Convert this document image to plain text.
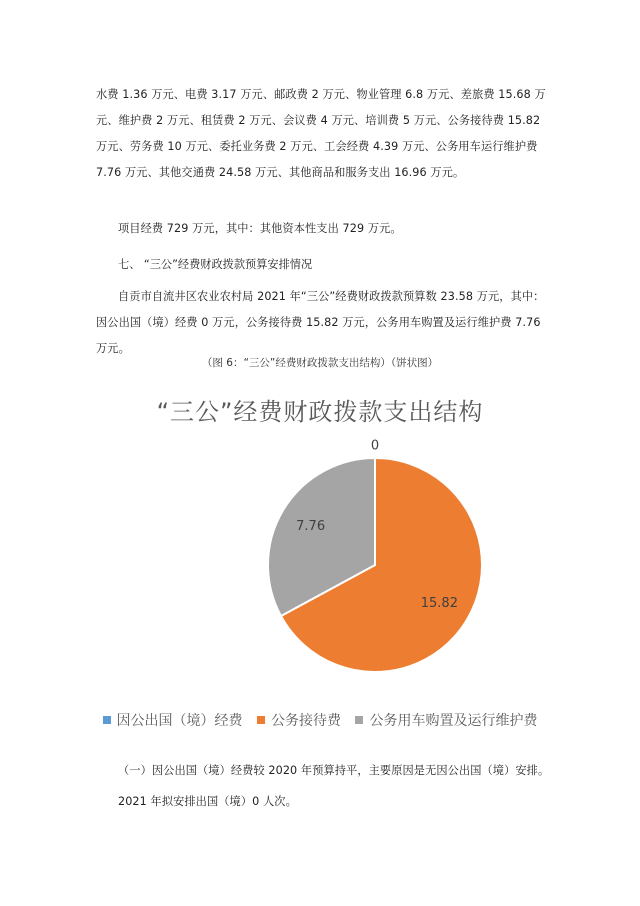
水费 1.36 万元、电费 3.17 万元、邮政费 2 万元、物业管理 6.8 万元、差旅费 15.68 万元、维护费 2 万元、租赁费 2 万元、会议费 4 万元、培训费 5 万元、公务接待费 15.82 万元、劳务费 10 万元、委托业务费 2 万元、工会经费 4.39 万元、公务用车运行维护费 7.76 万元、其他交通费 24.58 万元、其他商品和服务支出 16.96 万元。

项目经费 729 万元，其中：其他资本性支出 729 万元。

七、 “三公”经费财政拨款预算安排情况

自贡市自流井区农业农村局 2021 年“三公”经费财政拨款预算数 23.58 万元，其中：因公出国（境）经费 0 万元，公务接待费 15.82 万元，公务用车购置及运行维护费 7.76 万元。

（图 6：“三公”经费财政拨款支出结构）（饼状图）
“三公”经费财政拨款支出结构
0
15.82
7.76
因公出国（境）经费 公务接待费 公务用车购置及运行维护费

（一）因公出国（境）经费较 2020 年预算持平，主要原因是无因公出国（境）安排。

2021 年拟安排出国（境）0 人次。
